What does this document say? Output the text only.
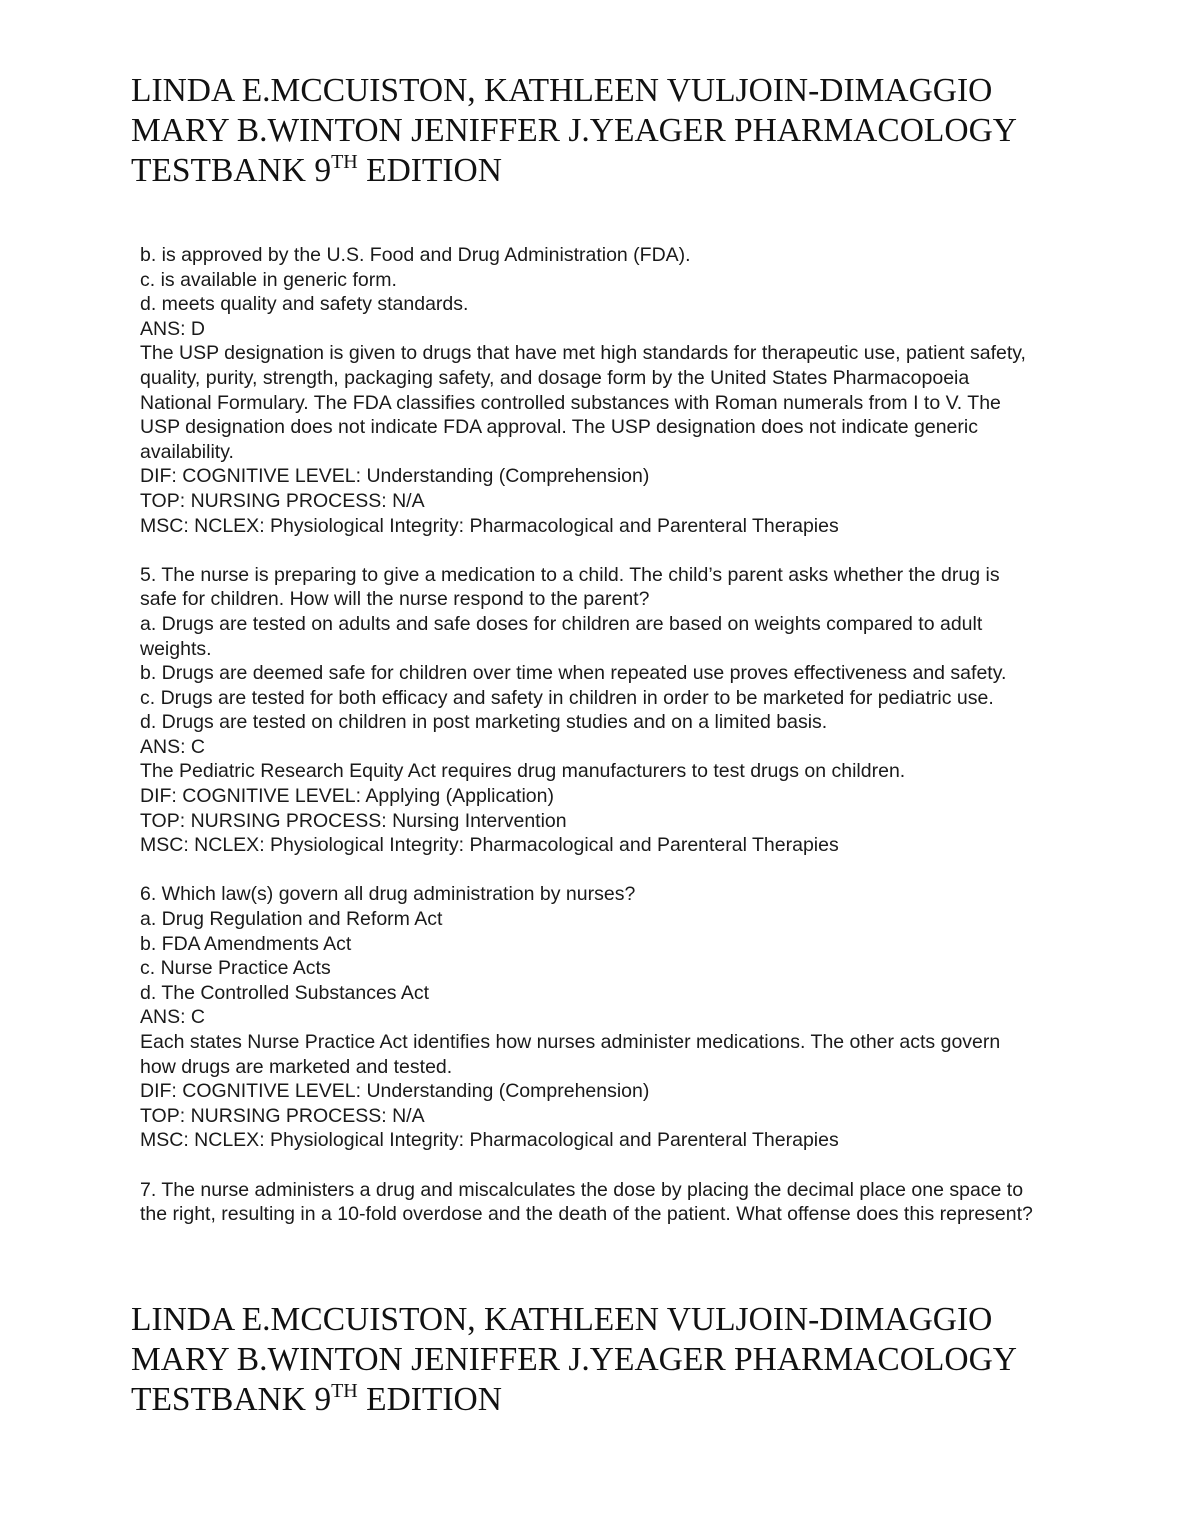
LINDA E.MCCUISTON, KATHLEEN VULJOIN-DIMAGGIO
MARY B.WINTON JENIFFER J.YEAGER PHARMACOLOGY
TESTBANK 9TH EDITION

b. is approved by the U.S. Food and Drug Administration (FDA).

c. is available in generic form.

d. meets quality and safety standards.

ANS: D

The USP designation is given to drugs that have met high standards for therapeutic use, patient safety, quality, purity, strength, packaging safety, and dosage form by the United States Pharmacopoeia National Formulary. The FDA classifies controlled substances with Roman numerals from I to V. The USP designation does not indicate FDA approval. The USP designation does not indicate generic availability.

DIF: COGNITIVE LEVEL: Understanding (Comprehension)

TOP: NURSING PROCESS: N/A

MSC: NCLEX: Physiological Integrity: Pharmacological and Parenteral Therapies

5. The nurse is preparing to give a medication to a child. The child’s parent asks whether the drug is safe for children. How will the nurse respond to the parent?

a. Drugs are tested on adults and safe doses for children are based on weights compared to adult weights.

b. Drugs are deemed safe for children over time when repeated use proves effectiveness and safety.

c. Drugs are tested for both efficacy and safety in children in order to be marketed for pediatric use.

d. Drugs are tested on children in post marketing studies and on a limited basis.

ANS: C

The Pediatric Research Equity Act requires drug manufacturers to test drugs on children.

DIF: COGNITIVE LEVEL: Applying (Application)

TOP: NURSING PROCESS: Nursing Intervention

MSC: NCLEX: Physiological Integrity: Pharmacological and Parenteral Therapies

6. Which law(s) govern all drug administration by nurses?

a. Drug Regulation and Reform Act

b. FDA Amendments Act

c. Nurse Practice Acts

d. The Controlled Substances Act

ANS: C

Each states Nurse Practice Act identifies how nurses administer medications. The other acts govern how drugs are marketed and tested.

DIF: COGNITIVE LEVEL: Understanding (Comprehension)

TOP: NURSING PROCESS: N/A

MSC: NCLEX: Physiological Integrity: Pharmacological and Parenteral Therapies

7. The nurse administers a drug and miscalculates the dose by placing the decimal place one space to the right, resulting in a 10-fold overdose and the death of the patient. What offense does this represent?

LINDA E.MCCUISTON, KATHLEEN VULJOIN-DIMAGGIO
MARY B.WINTON JENIFFER J.YEAGER PHARMACOLOGY
TESTBANK 9TH EDITION
